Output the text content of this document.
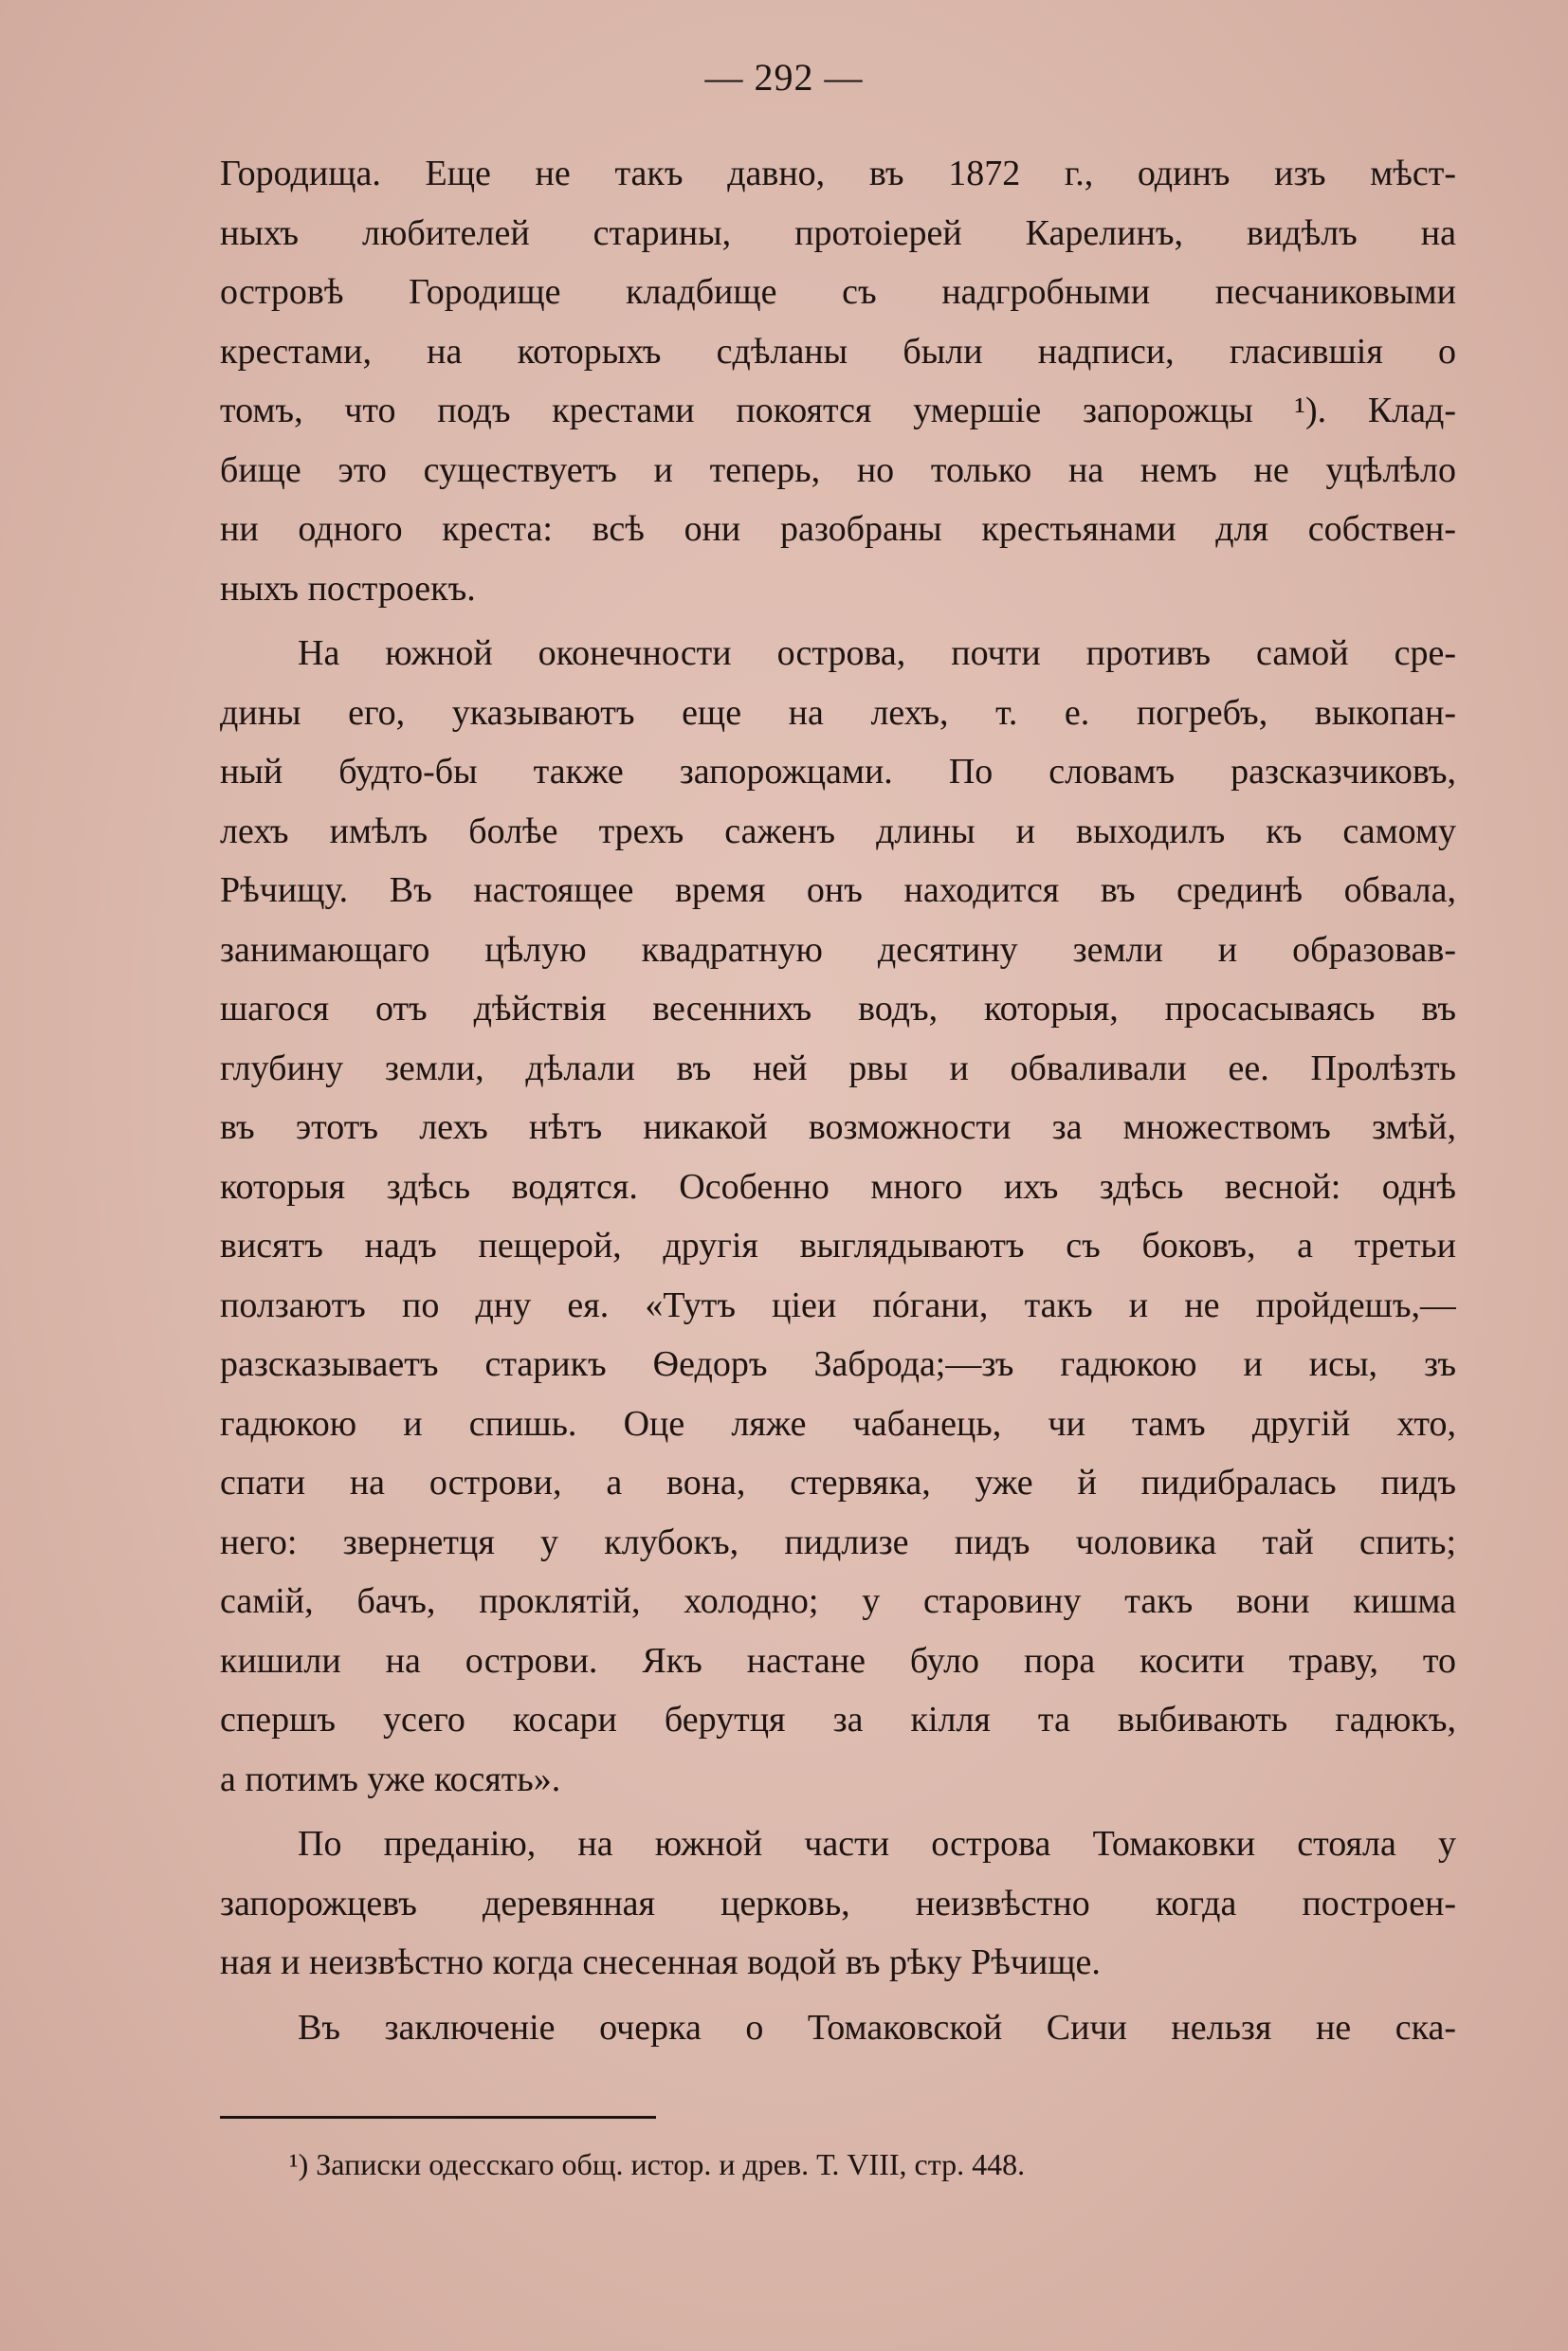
— 292 —
Городища. Еще не такъ давно, въ 1872 г., одинъ изъ мѣст-
ныхъ любителей старины, протоіерей Карелинъ, видѣлъ на
островѣ Городище кладбище съ надгробными песчаниковыми
крестами, на которыхъ сдѣланы были надписи, гласившія о
томъ, что подъ крестами покоятся умершіе запорожцы ¹). Клад-
бище это существуетъ и теперь, но только на немъ не уцѣлѣло
ни одного креста: всѣ они разобраны крестьянами для собствен-
ныхъ построекъ.
На южной оконечности острова, почти противъ самой сре-
дины его, указываютъ еще на лехъ, т. е. погребъ, выкопан-
ный будто-бы также запорожцами. По словамъ разсказчиковъ,
лехъ имѣлъ болѣе трехъ саженъ длины и выходилъ къ самому
Рѣчищу. Въ настоящее время онъ находится въ срединѣ обвала,
занимающаго цѣлую квадратную десятину земли и образовав-
шагося отъ дѣйствія весеннихъ водъ, которыя, просасываясь въ
глубину земли, дѣлали въ ней рвы и обваливали ее. Пролѣзть
въ этотъ лехъ нѣтъ никакой возможности за множествомъ змѣй,
которыя здѣсь водятся. Особенно много ихъ здѣсь весной: однѣ
висятъ надъ пещерой, другія выглядываютъ съ боковъ, а третьи
ползаютъ по дну ея. «Тутъ ціеи пóгани, такъ и не пройдешъ,—
разсказываетъ старикъ Ѳедоръ Заброда;—зъ гадюкою и исы, зъ
гадюкою и спишь. Оце ляже чабанець, чи тамъ другій хто,
спати на острови, а вона, стервяка, уже й пидибралась пидъ
него: звернетця у клубокъ, пидлизе пидъ чоловика тай спить;
самій, бачъ, проклятій, холодно; у старовину такъ вони кишма
кишили на острови. Якъ настане було пора косити траву, то
спершъ усего косари берутця за кілля та выбивають гадюкъ,
а потимъ уже косять».
По преданію, на южной части острова Томаковки стояла у
запорожцевъ деревянная церковь, неизвѣстно когда построен-
ная и неизвѣстно когда снесенная водой въ рѣку Рѣчище.
Въ заключеніе очерка о Томаковской Сичи нельзя не ска-
¹) Записки одесскаго общ. истор. и древ. Т. VIII, стр. 448.
